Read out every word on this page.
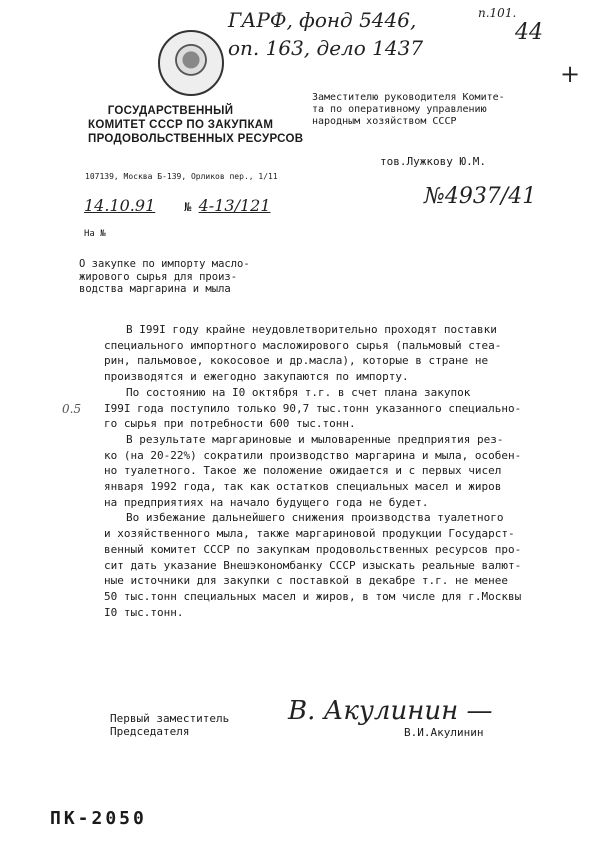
ГАРФ, фонд 5446,
оп. 163, дело 1437
п.101.
44
+
ГОСУДАРСТВЕННЫЙ
КОМИТЕТ СССР ПО ЗАКУПКАМ
ПРОДОВОЛЬСТВЕННЫХ РЕСУРСОВ
107139, Москва Б-139, Орликов пер., 1/11
Заместителю руководителя Комите-
та по оперативному управлению
народным хозяйством СССР
тов.Лужкову Ю.М.
14.10.91 № 4-13/121
На №
№4937/41
О закупке по импорту масло-
жирового сырья для произ-
водства маргарина и мыла
0.5
В I99I году крайне неудовлетворительно проходят поставки
специального импортного масложирового сырья (пальмовый стеа-
рин, пальмовое, кокосовое и др.масла), которые в стране не
производятся и ежегодно закупаются по импорту.
По состоянию на I0 октября т.г. в счет плана закупок
I99I года поступило только 90,7 тыс.тонн указанного специально-
го сырья при потребности 600 тыс.тонн.
В результате маргариновые и мыловаренные предприятия рез-
ко (на 20-22%) сократили производство маргарина и мыла, особен-
но туалетного. Такое же положение ожидается и с первых чисел
января 1992 года, так как остатков специальных масел и жиров
на предприятиях на начало будущего года не будет.
Во избежание дальнейшего снижения производства туалетного
и хозяйственного мыла, также маргариновой продукции Государст-
венный комитет СССР по закупкам продовольственных ресурсов про-
сит дать указание Внешэкономбанку СССР изыскать реальные валют-
ные источники для закупки с поставкой в декабре т.г. не менее
50 тыс.тонн специальных масел и жиров, в том числе для г.Москвы
I0 тыс.тонн.
Первый заместитель
Председателя
В. Акулинин —
В.И.Акулинин
ПК-2050
